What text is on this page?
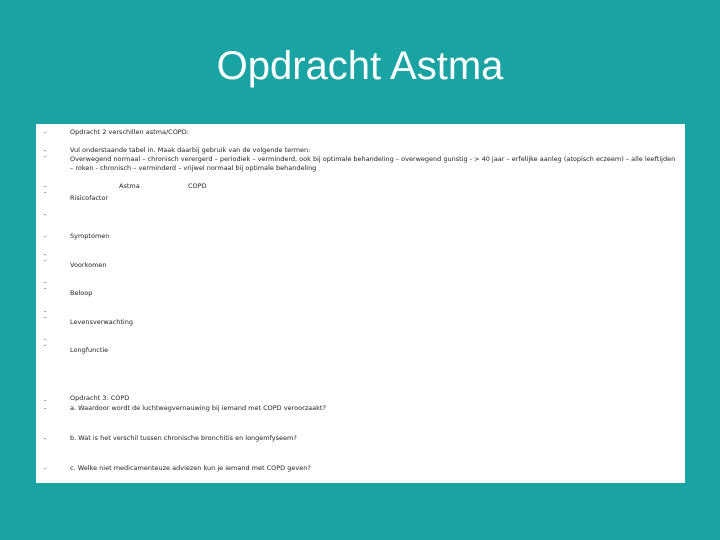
Opdracht Astma
-	Opdracht 2 verschillen astma/COPD:
-
-
Vul onderstaande tabel in. Maak daarbij gebruik van de volgende termen:
Overwegend normaal – chronisch verergerd – periodiek – verminderd, ook bij optimale behandeling – overwegend gunstig - > 40 jaar – erfelijke aanleg (atopisch eczeem) – alle leeftijden
– roken - chronisch – verminderd – vrijwel normaal bij optimale behandeling
-
-
Astma	COPD
Risicofactor
-
-	Symptomen
-
-
Voorkomen
-
-
Beloop
-
-
Levensverwachting
-
-
Longfunctie
-
-
Opdracht 3: COPD
a. Waardoor wordt de luchtwegvernauwing bij iemand met COPD veroorzaakt?
-	b. Wat is het verschil tussen chronische bronchitis en longemfyseem?
-	c. Welke niet medicamenteuze adviezen kun je iemand met COPD geven?
